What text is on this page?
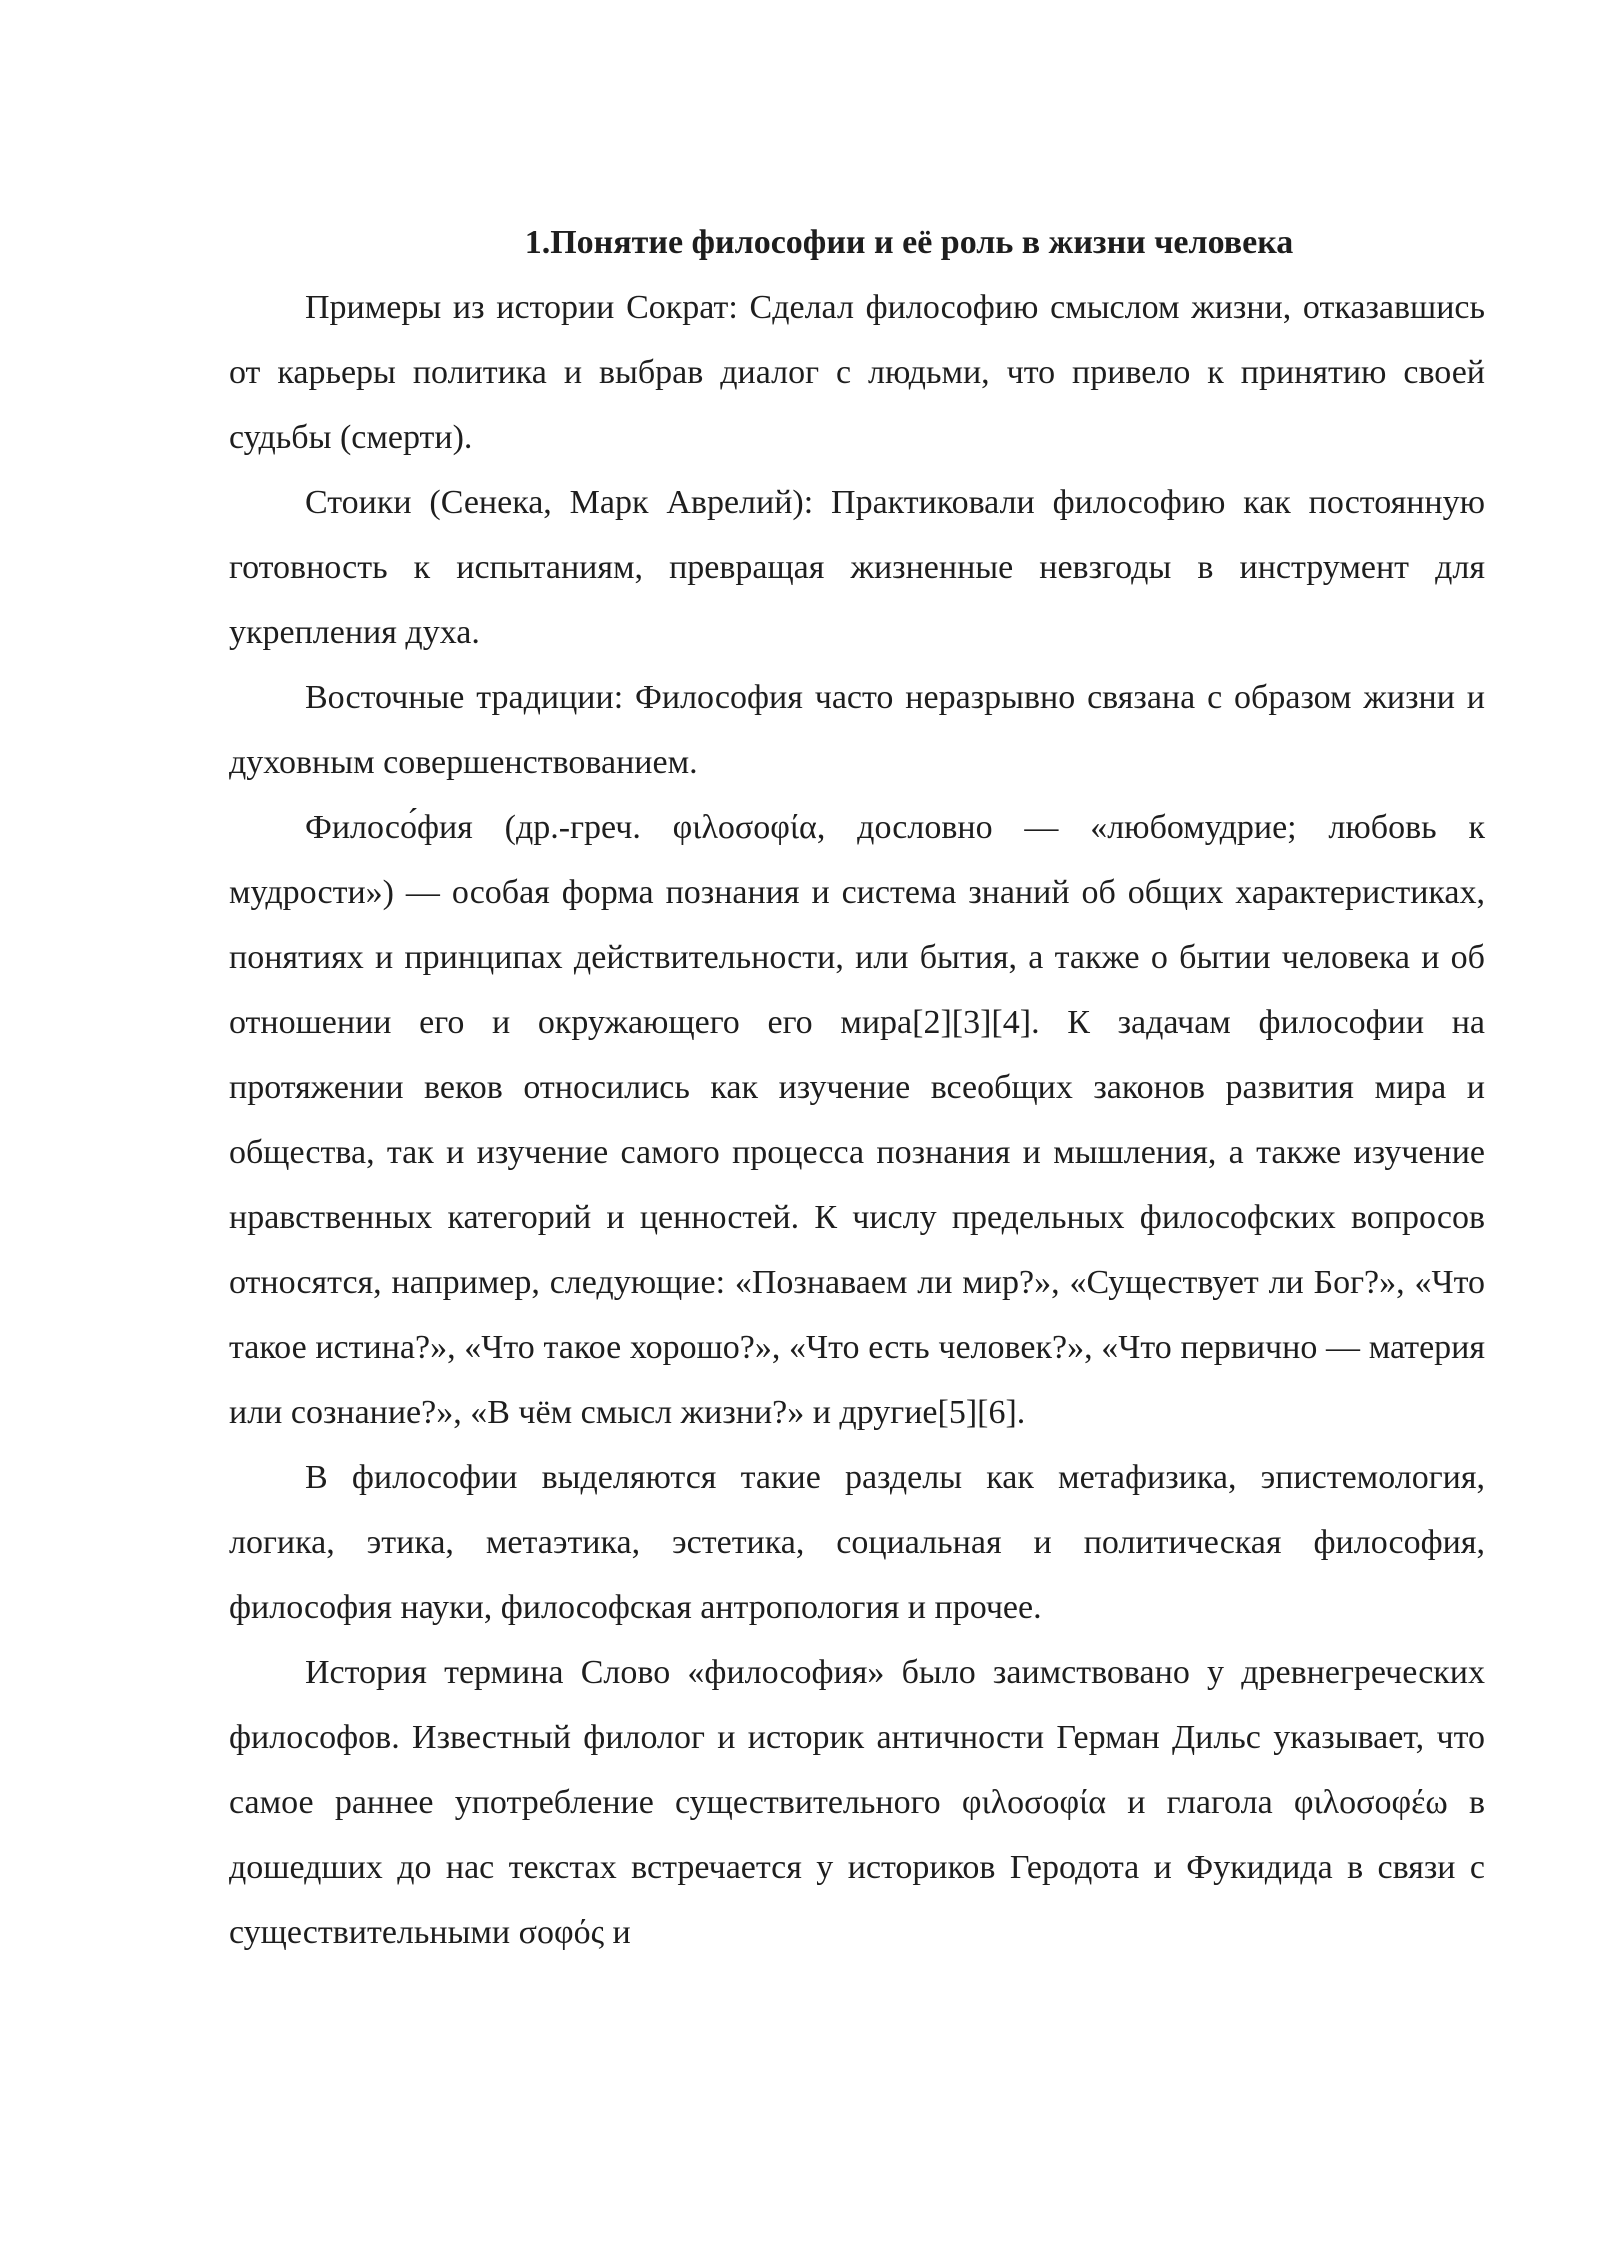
1.Понятие философии и её роль в жизни человека

Примеры из истории Сократ: Сделал философию смыслом жизни, отказавшись от карьеры политика и выбрав диалог с людьми, что привело к принятию своей судьбы (смерти).

Стоики (Сенека, Марк Аврелий): Практиковали философию как постоянную готовность к испытаниям, превращая жизненные невзгоды в инструмент для укрепления духа.

Восточные традиции: Философия часто неразрывно связана с образом жизни и духовным совершенствованием.

Филосо́фия (др.-греч. φιλοσοφία, дословно — «любомудрие; любовь к мудрости») — особая форма познания и система знаний об общих характеристиках, понятиях и принципах действительности, или бытия, а также о бытии человека и об отношении его и окружающего его мира[2][3][4]. К задачам философии на протяжении веков относились как изучение всеобщих законов развития мира и общества, так и изучение самого процесса познания и мышления, а также изучение нравственных категорий и ценностей. К числу предельных философских вопросов относятся, например, следующие: «Познаваем ли мир?», «Существует ли Бог?», «Что такое истина?», «Что такое хорошо?», «Что есть человек?», «Что первично — материя или сознание?», «В чём смысл жизни?» и другие[5][6].

В философии выделяются такие разделы как метафизика, эпистемология, логика, этика, метаэтика, эстетика, социальная и политическая философия, философия науки, философская антропология и прочее.

История термина Слово «философия» было заимствовано у древнегреческих философов. Известный филолог и историк античности Герман Дильс указывает, что самое раннее употребление существительного φιλοσοφία и глагола φιλοσοφέω в дошедших до нас текстах встречается у историков Геродота и Фукидида в связи с существительными σοφός и
